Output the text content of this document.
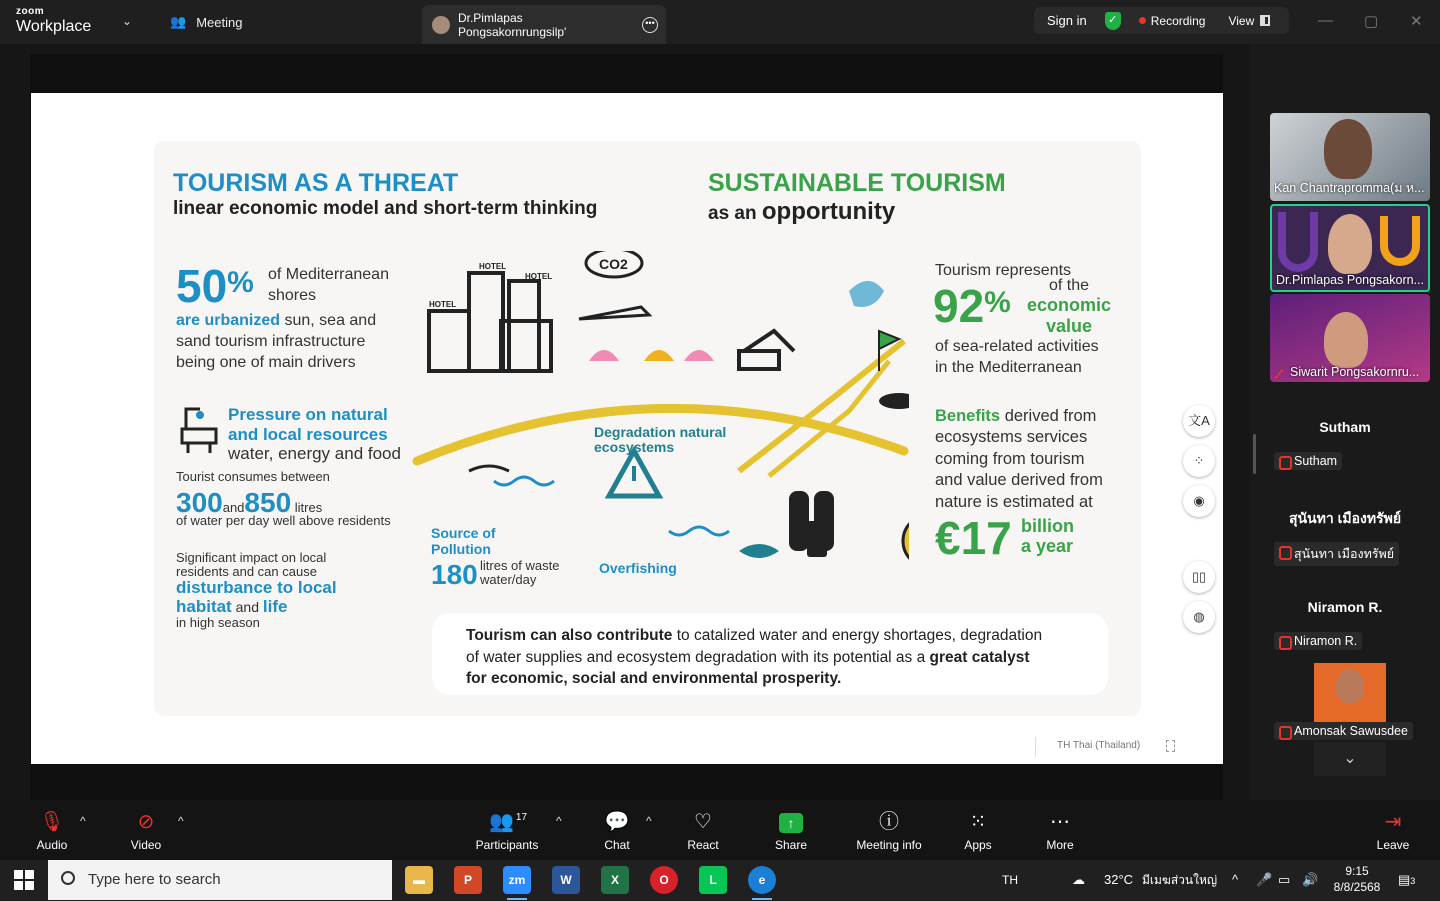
zoom
Workplace	⌄	👥 Meeting	Dr.Pimlapas Pongsakornrungsilp'
•••	Sign in	✓	Recording View	— ▢ ✕
TOURISM AS A THREAT
linear economic model and short-term thinking
SUSTAINABLE TOURISM
as an opportunity
50% of Mediterranean
shores
are urbanized sun, sea and
sand tourism infrastructure
being one of main drivers
Pressure on natural
and local resources
water, energy and food
Tourist consumes between
300and850 litres
of water per day well above residents
Significant impact on local
residents and can cause
disturbance to local
habitat and life
in high season
HOTEL
HOTEL
HOTEL
CO2
Degradation natural
ecosystems
Source of
Pollution
180 litres of waste
water/day
Overfishing
Tourism represents
92%
of the
economic
value
of sea-related activities
in the Mediterranean
Benefits derived from
ecosystems services
coming from tourism
and value derived from
nature is estimated at
€17 billion
a year
Tourism can also contribute to catalized water and energy shortages, degradation
of water supplies and ecosystem degradation with its potential as a great catalyst
for economic, social and environmental prosperity.
TH Thai (Thailand)
文A
⁘
◉
▯▯
◍
Kan Chantrapromma(ม ห...
Dr.Pimlapas Pongsakorn...
Siwarit Pongsakornru...
Sutham
Sutham
สุนันทา เมืองทรัพย์
สุนันทา เมืองทรัพย์
Niramon R.
Niramon R.
Amonsak Sawusdee
⌄
🎙
Audio
^	⊘
Video
^	👥 $^{17}$
Participants
^	💬
Chat
^	♡
React
↑
Share
ⓘ
Meeting info
⁙
Apps
⋯
More
⇥
Leave
Type here to search	▬	P	zm	W	X	O	L	e	TH	☁ 32°C มีเมฆส่วนใหญ่ ^ 🎤 ▭ 🔊
9:15
8/8/2568	▤3
